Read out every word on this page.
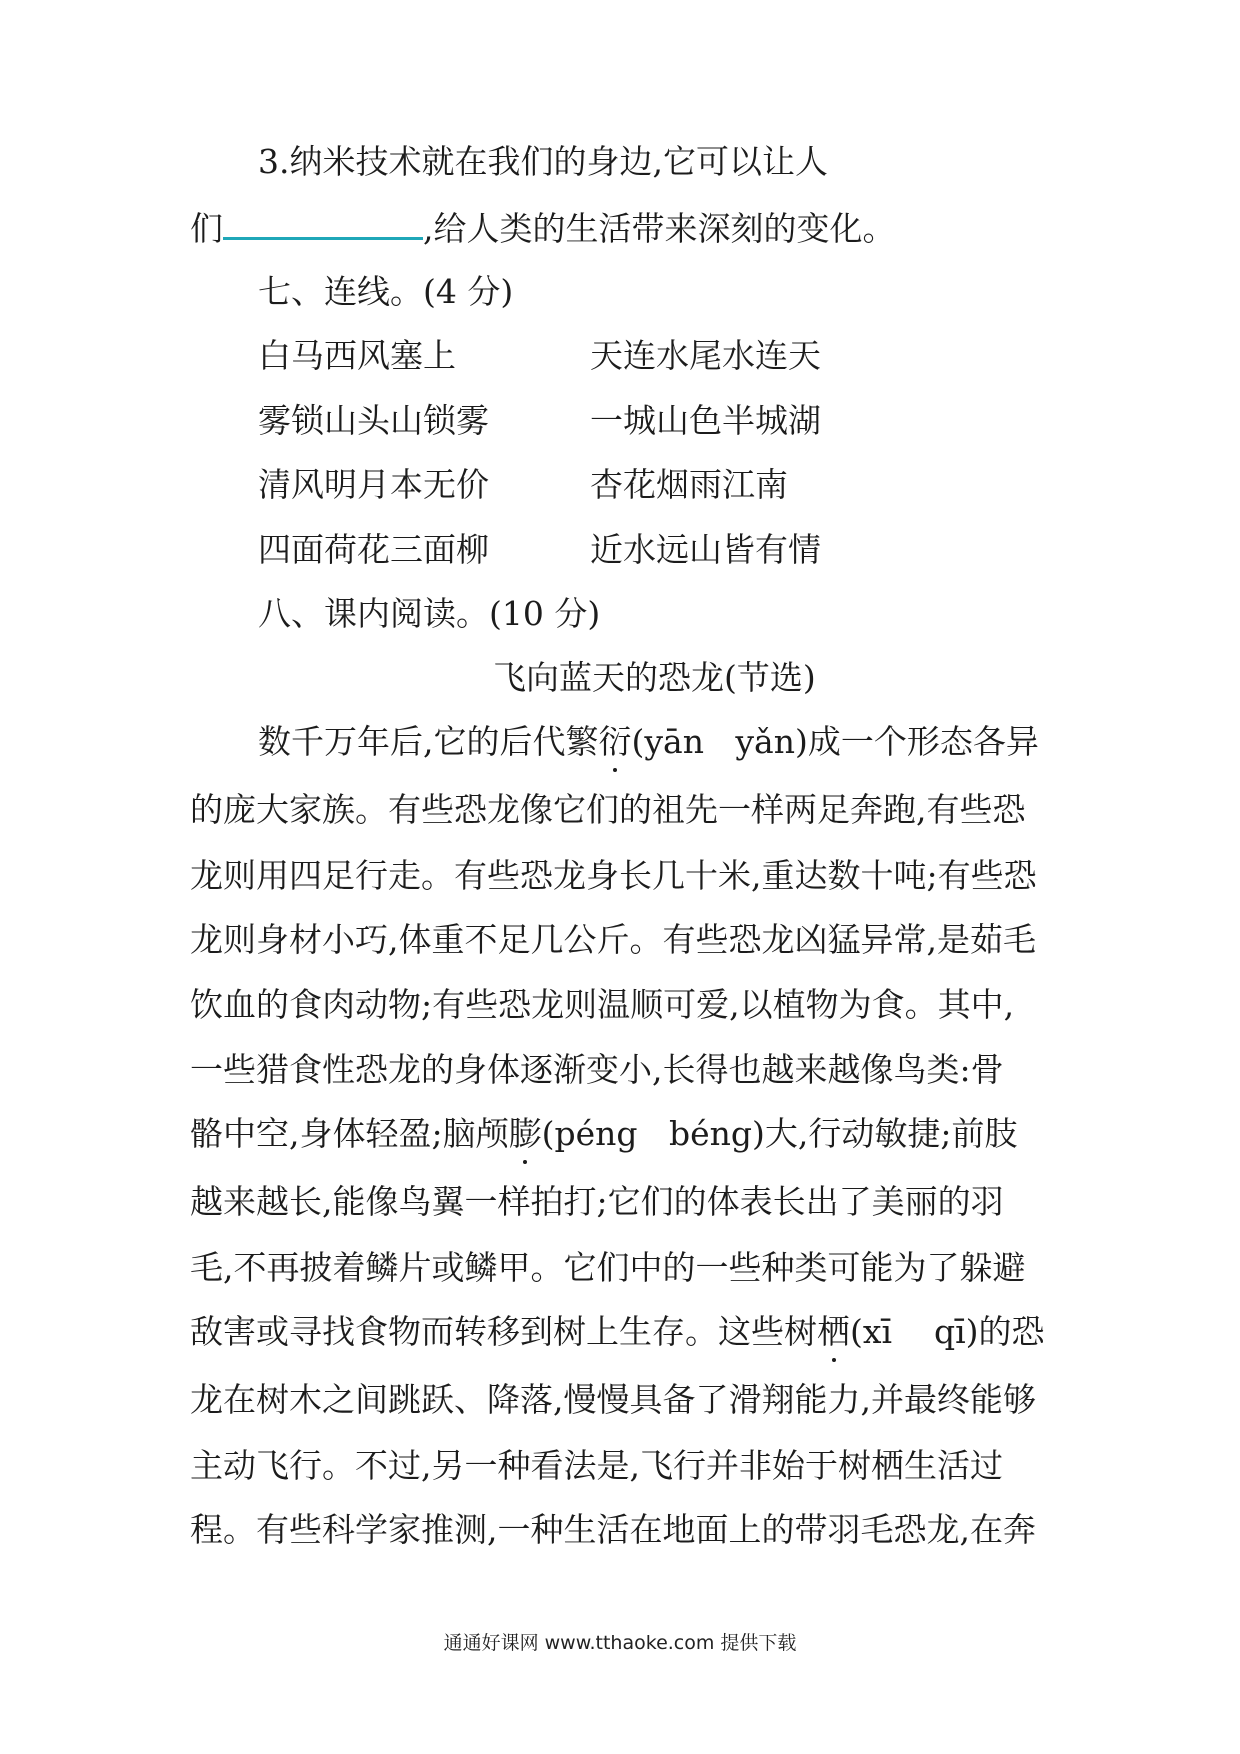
3.纳米技术就在我们的身边,它可以让人
们	,给人类的生活带来深刻的变化。
七、连线。(4 分)
白马西风塞上	天连水尾水连天
雾锁山头山锁雾	一城山色半城湖
清风明月本无价	杏花烟雨江南
四面荷花三面柳	近水远山皆有情
八、课内阅读。(10 分)
飞向蓝天的恐龙(节选)
数千万年后,它的后代繁衍(yān   yǎn)成一个形态各异
的庞大家族。有些恐龙像它们的祖先一样两足奔跑,有些恐
龙则用四足行走。有些恐龙身长几十米,重达数十吨;有些恐
龙则身材小巧,体重不足几公斤。有些恐龙凶猛异常,是茹毛
饮血的食肉动物;有些恐龙则温顺可爱,以植物为食。其中,
一些猎食性恐龙的身体逐渐变小,长得也越来越像鸟类:骨
骼中空,身体轻盈;脑颅膨(péng   béng)大,行动敏捷;前肢
越来越长,能像鸟翼一样拍打;它们的体表长出了美丽的羽
毛,不再披着鳞片或鳞甲。它们中的一些种类可能为了躲避
敌害或寻找食物而转移到树上生存。这些树栖(xī    qī)的恐
龙在树木之间跳跃、降落,慢慢具备了滑翔能力,并最终能够
主动飞行。不过,另一种看法是,飞行并非始于树栖生活过
程。有些科学家推测,一种生活在地面上的带羽毛恐龙,在奔
通通好课网 www.tthaoke.com 提供下载
